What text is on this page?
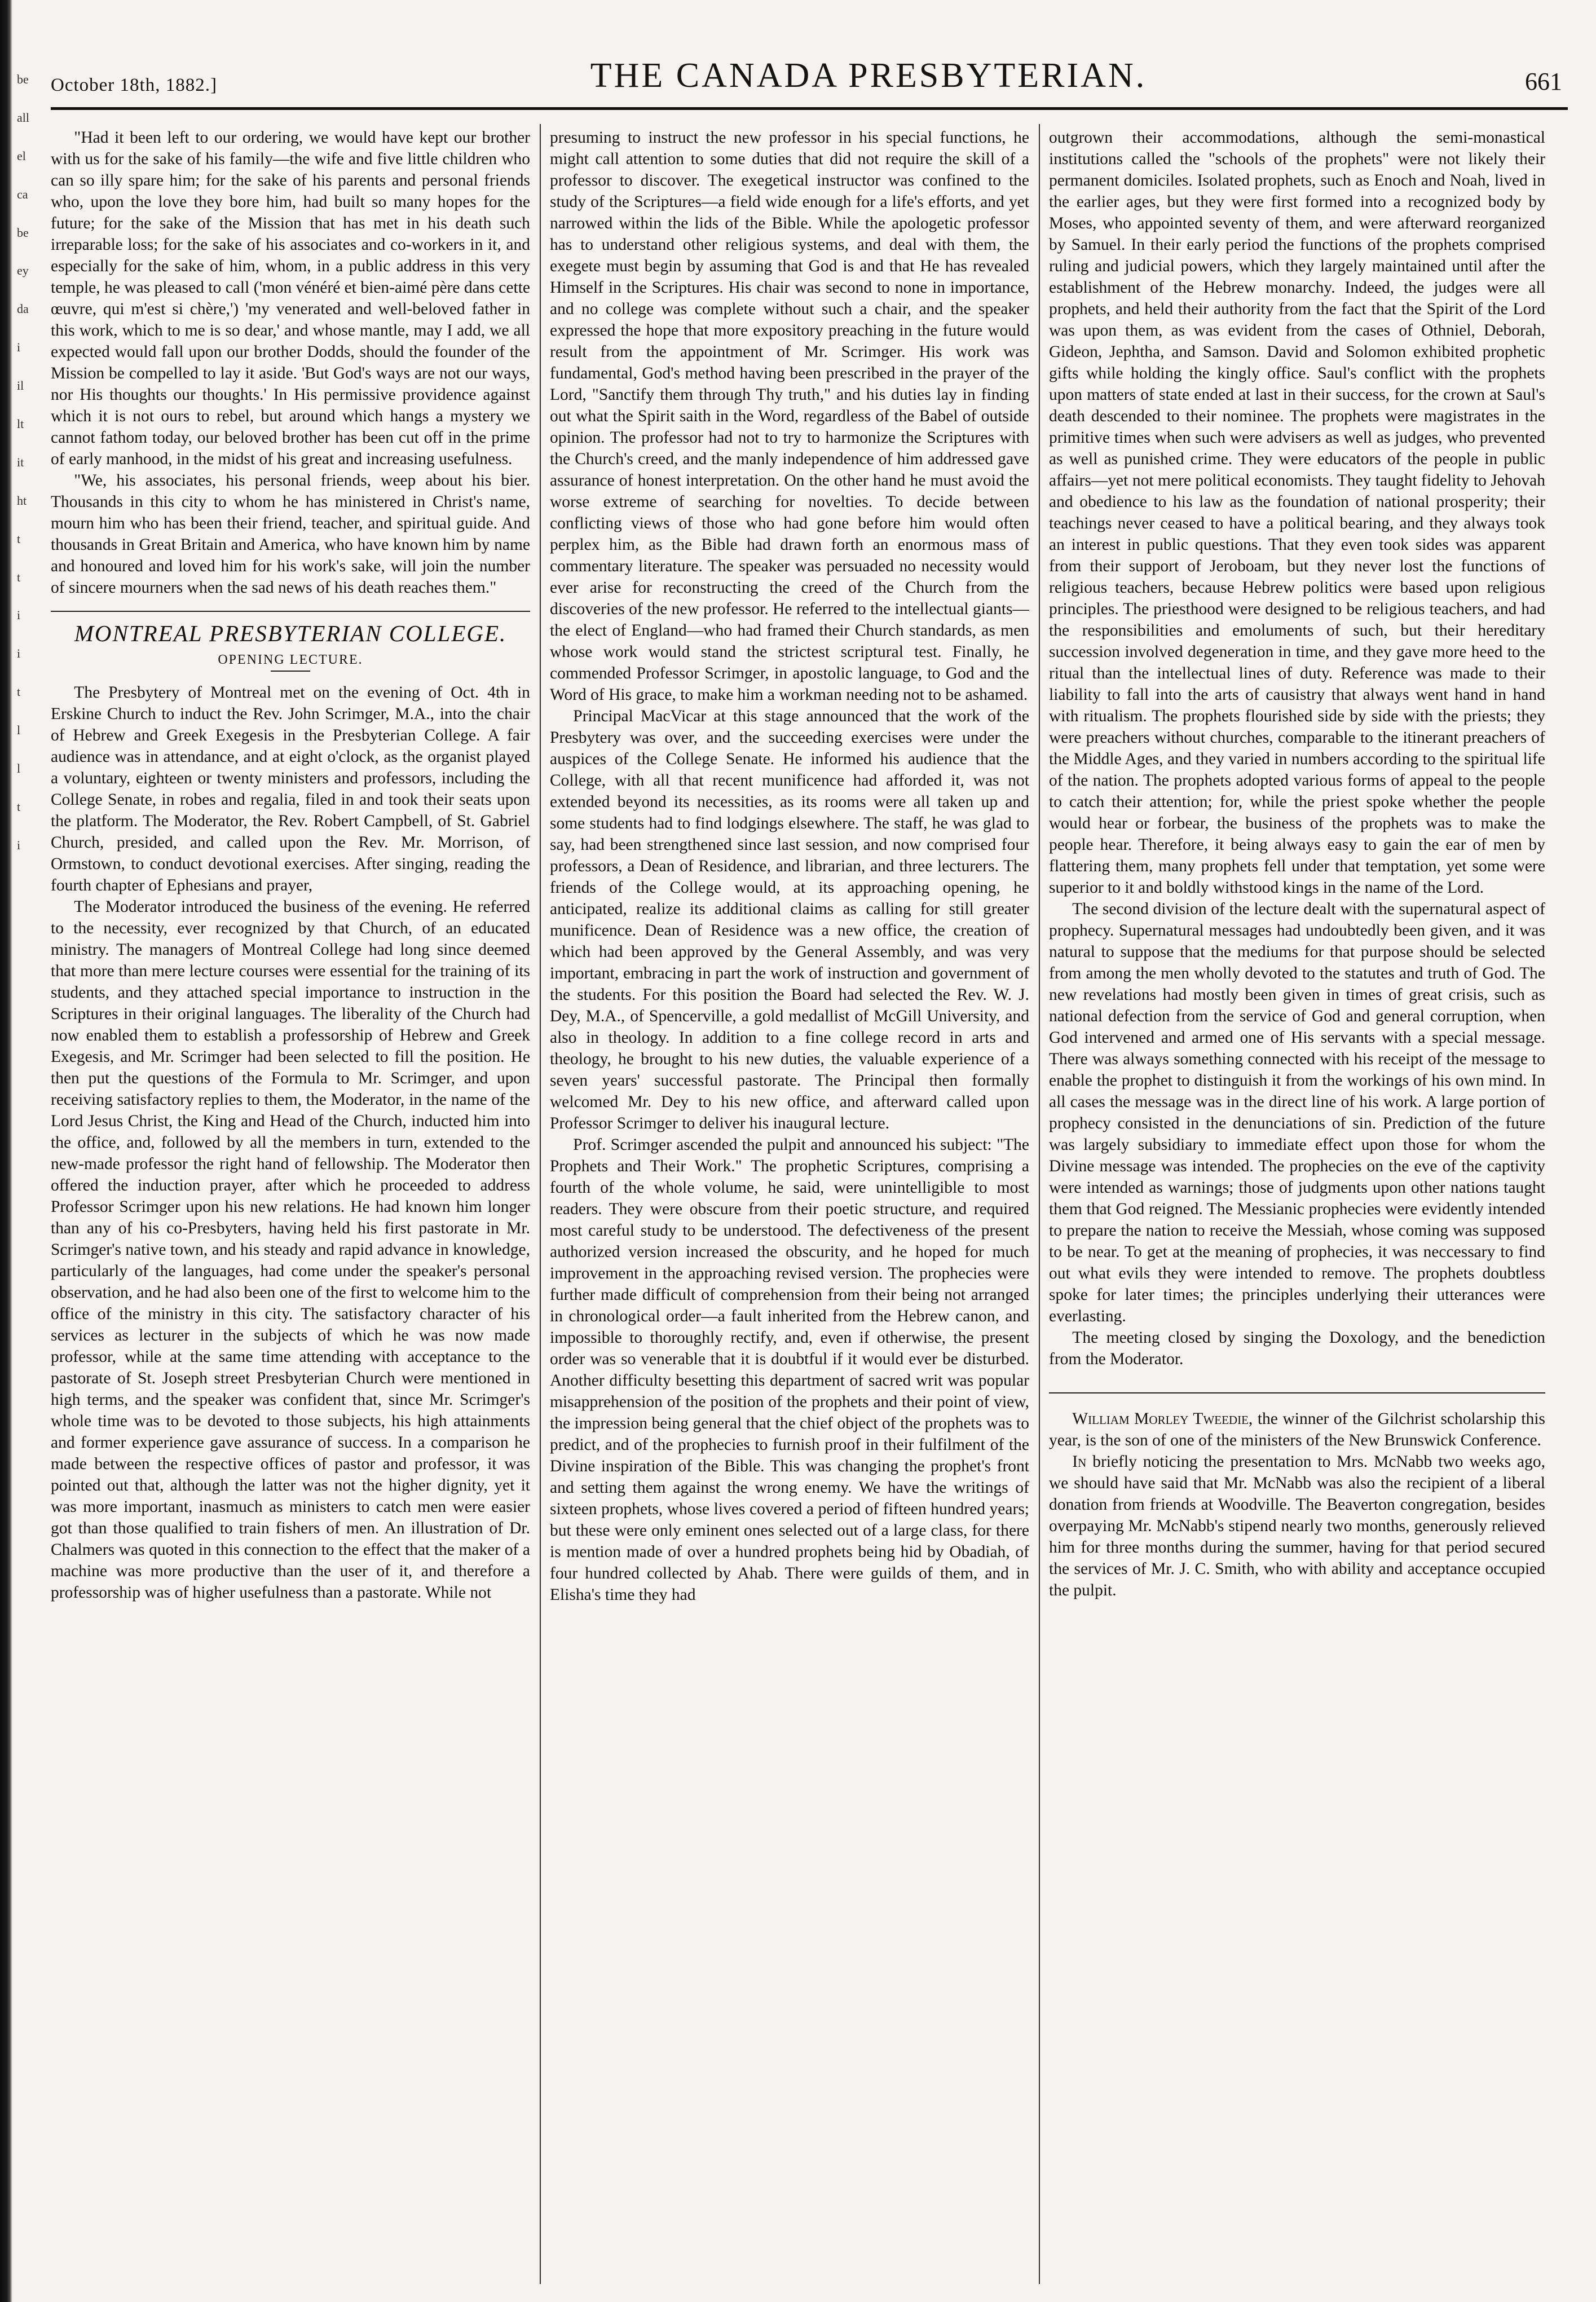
be
all
el
ca
be
ey
da
i
il
lt
it
ht
t
t
i
i
t
l
l
t
i
October 18th, 1882.]	THE CANADA PRESBYTERIAN.	661

"Had it been left to our ordering, we would have kept our brother with us for the sake of his family—the wife and five little children who can so illy spare him; for the sake of his parents and personal friends who, upon the love they bore him, had built so many hopes for the future; for the sake of the Mission that has met in his death such irreparable loss; for the sake of his associates and co-workers in it, and especially for the sake of him, whom, in a public address in this very temple, he was pleased to call ('mon vénéré et bien-aimé père dans cette œuvre, qui m'est si chère,') 'my venerated and well-beloved father in this work, which to me is so dear,' and whose mantle, may I add, we all expected would fall upon our brother Dodds, should the founder of the Mission be compelled to lay it aside. 'But God's ways are not our ways, nor His thoughts our thoughts.' In His permissive providence against which it is not ours to rebel, but around which hangs a mystery we cannot fathom today, our beloved brother has been cut off in the prime of early manhood, in the midst of his great and increasing usefulness.

"We, his associates, his personal friends, weep about his bier. Thousands in this city to whom he has ministered in Christ's name, mourn him who has been their friend, teacher, and spiritual guide. And thousands in Great Britain and America, who have known him by name and honoured and loved him for his work's sake, will join the number of sincere mourners when the sad news of his death reaches them."

MONTREAL PRESBYTERIAN COLLEGE.
OPENING LECTURE.

The Presbytery of Montreal met on the evening of Oct. 4th in Erskine Church to induct the Rev. John Scrimger, M.A., into the chair of Hebrew and Greek Exegesis in the Presbyterian College. A fair audience was in attendance, and at eight o'clock, as the organist played a voluntary, eighteen or twenty ministers and professors, including the College Senate, in robes and regalia, filed in and took their seats upon the platform. The Moderator, the Rev. Robert Campbell, of St. Gabriel Church, presided, and called upon the Rev. Mr. Morrison, of Ormstown, to conduct devotional exercises. After singing, reading the fourth chapter of Ephesians and prayer,

The Moderator introduced the business of the evening. He referred to the necessity, ever recognized by that Church, of an educated ministry. The managers of Montreal College had long since deemed that more than mere lecture courses were essential for the training of its students, and they attached special importance to instruction in the Scriptures in their original languages. The liberality of the Church had now enabled them to establish a professorship of Hebrew and Greek Exegesis, and Mr. Scrimger had been selected to fill the position. He then put the questions of the Formula to Mr. Scrimger, and upon receiving satisfactory replies to them, the Moderator, in the name of the Lord Jesus Christ, the King and Head of the Church, inducted him into the office, and, followed by all the members in turn, extended to the new-made professor the right hand of fellowship. The Moderator then offered the induction prayer, after which he proceeded to address Professor Scrimger upon his new relations. He had known him longer than any of his co-Presbyters, having held his first pastorate in Mr. Scrimger's native town, and his steady and rapid advance in knowledge, particularly of the languages, had come under the speaker's personal observation, and he had also been one of the first to welcome him to the office of the ministry in this city. The satisfactory character of his services as lecturer in the subjects of which he was now made professor, while at the same time attending with acceptance to the pastorate of St. Joseph street Presbyterian Church were mentioned in high terms, and the speaker was confident that, since Mr. Scrimger's whole time was to be devoted to those subjects, his high attainments and former experience gave assurance of success. In a comparison he made between the respective offices of pastor and professor, it was pointed out that, although the latter was not the higher dignity, yet it was more important, inasmuch as ministers to catch men were easier got than those qualified to train fishers of men. An illustration of Dr. Chalmers was quoted in this connection to the effect that the maker of a machine was more productive than the user of it, and therefore a professorship was of higher usefulness than a pastorate. While not

presuming to instruct the new professor in his special functions, he might call attention to some duties that did not require the skill of a professor to discover. The exegetical instructor was confined to the study of the Scriptures—a field wide enough for a life's efforts, and yet narrowed within the lids of the Bible. While the apologetic professor has to understand other religious systems, and deal with them, the exegete must begin by assuming that God is and that He has revealed Himself in the Scriptures. His chair was second to none in importance, and no college was complete without such a chair, and the speaker expressed the hope that more expository preaching in the future would result from the appointment of Mr. Scrimger. His work was fundamental, God's method having been prescribed in the prayer of the Lord, "Sanctify them through Thy truth," and his duties lay in finding out what the Spirit saith in the Word, regardless of the Babel of outside opinion. The professor had not to try to harmonize the Scriptures with the Church's creed, and the manly independence of him addressed gave assurance of honest interpretation. On the other hand he must avoid the worse extreme of searching for novelties. To decide between conflicting views of those who had gone before him would often perplex him, as the Bible had drawn forth an enormous mass of commentary literature. The speaker was persuaded no necessity would ever arise for reconstructing the creed of the Church from the discoveries of the new professor. He referred to the intellectual giants—the elect of England—who had framed their Church standards, as men whose work would stand the strictest scriptural test. Finally, he commended Professor Scrimger, in apostolic language, to God and the Word of His grace, to make him a workman needing not to be ashamed.

Principal MacVicar at this stage announced that the work of the Presbytery was over, and the succeeding exercises were under the auspices of the College Senate. He informed his audience that the College, with all that recent munificence had afforded it, was not extended beyond its necessities, as its rooms were all taken up and some students had to find lodgings elsewhere. The staff, he was glad to say, had been strengthened since last session, and now comprised four professors, a Dean of Residence, and librarian, and three lecturers. The friends of the College would, at its approaching opening, he anticipated, realize its additional claims as calling for still greater munificence. Dean of Residence was a new office, the creation of which had been approved by the General Assembly, and was very important, embracing in part the work of instruction and government of the students. For this position the Board had selected the Rev. W. J. Dey, M.A., of Spencerville, a gold medallist of McGill University, and also in theology. In addition to a fine college record in arts and theology, he brought to his new duties, the valuable experience of a seven years' successful pastorate. The Principal then formally welcomed Mr. Dey to his new office, and afterward called upon Professor Scrimger to deliver his inaugural lecture.

Prof. Scrimger ascended the pulpit and announced his subject: "The Prophets and Their Work." The prophetic Scriptures, comprising a fourth of the whole volume, he said, were unintelligible to most readers. They were obscure from their poetic structure, and required most careful study to be understood. The defectiveness of the present authorized version increased the obscurity, and he hoped for much improvement in the approaching revised version. The prophecies were further made difficult of comprehension from their being not arranged in chronological order—a fault inherited from the Hebrew canon, and impossible to thoroughly rectify, and, even if otherwise, the present order was so venerable that it is doubtful if it would ever be disturbed. Another difficulty besetting this department of sacred writ was popular misapprehension of the position of the prophets and their point of view, the impression being general that the chief object of the prophets was to predict, and of the prophecies to furnish proof in their fulfilment of the Divine inspiration of the Bible. This was changing the prophet's front and setting them against the wrong enemy. We have the writings of sixteen prophets, whose lives covered a period of fifteen hundred years; but these were only eminent ones selected out of a large class, for there is mention made of over a hundred prophets being hid by Obadiah, of four hundred collected by Ahab. There were guilds of them, and in Elisha's time they had

outgrown their accommodations, although the semi-monastical institutions called the "schools of the prophets" were not likely their permanent domiciles. Isolated prophets, such as Enoch and Noah, lived in the earlier ages, but they were first formed into a recognized body by Moses, who appointed seventy of them, and were afterward reorganized by Samuel. In their early period the functions of the prophets comprised ruling and judicial powers, which they largely maintained until after the establishment of the Hebrew monarchy. Indeed, the judges were all prophets, and held their authority from the fact that the Spirit of the Lord was upon them, as was evident from the cases of Othniel, Deborah, Gideon, Jephtha, and Samson. David and Solomon exhibited prophetic gifts while holding the kingly office. Saul's conflict with the prophets upon matters of state ended at last in their success, for the crown at Saul's death descended to their nominee. The prophets were magistrates in the primitive times when such were advisers as well as judges, who prevented as well as punished crime. They were educators of the people in public affairs—yet not mere political economists. They taught fidelity to Jehovah and obedience to his law as the foundation of national prosperity; their teachings never ceased to have a political bearing, and they always took an interest in public questions. That they even took sides was apparent from their support of Jeroboam, but they never lost the functions of religious teachers, because Hebrew politics were based upon religious principles. The priesthood were designed to be religious teachers, and had the responsibilities and emoluments of such, but their hereditary succession involved degeneration in time, and they gave more heed to the ritual than the intellectual lines of duty. Reference was made to their liability to fall into the arts of causistry that always went hand in hand with ritualism. The prophets flourished side by side with the priests; they were preachers without churches, comparable to the itinerant preachers of the Middle Ages, and they varied in numbers according to the spiritual life of the nation. The prophets adopted various forms of appeal to the people to catch their attention; for, while the priest spoke whether the people would hear or forbear, the business of the prophets was to make the people hear. Therefore, it being always easy to gain the ear of men by flattering them, many prophets fell under that temptation, yet some were superior to it and boldly withstood kings in the name of the Lord.

The second division of the lecture dealt with the supernatural aspect of prophecy. Supernatural messages had undoubtedly been given, and it was natural to suppose that the mediums for that purpose should be selected from among the men wholly devoted to the statutes and truth of God. The new revelations had mostly been given in times of great crisis, such as national defection from the service of God and general corruption, when God intervened and armed one of His servants with a special message. There was always something connected with his receipt of the message to enable the prophet to distinguish it from the workings of his own mind. In all cases the message was in the direct line of his work. A large portion of prophecy consisted in the denunciations of sin. Prediction of the future was largely subsidiary to immediate effect upon those for whom the Divine message was intended. The prophecies on the eve of the captivity were intended as warnings; those of judgments upon other nations taught them that God reigned. The Messianic prophecies were evidently intended to prepare the nation to receive the Messiah, whose coming was supposed to be near. To get at the meaning of prophecies, it was neccessary to find out what evils they were intended to remove. The prophets doubtless spoke for later times; the principles underlying their utterances were everlasting.

The meeting closed by singing the Doxology, and the benediction from the Moderator.

William Morley Tweedie, the winner of the Gilchrist scholarship this year, is the son of one of the ministers of the New Brunswick Conference.

In briefly noticing the presentation to Mrs. McNabb two weeks ago, we should have said that Mr. McNabb was also the recipient of a liberal donation from friends at Woodville. The Beaverton congregation, besides overpaying Mr. McNabb's stipend nearly two months, generously relieved him for three months during the summer, having for that period secured the services of Mr. J. C. Smith, who with ability and acceptance occupied the pulpit.
